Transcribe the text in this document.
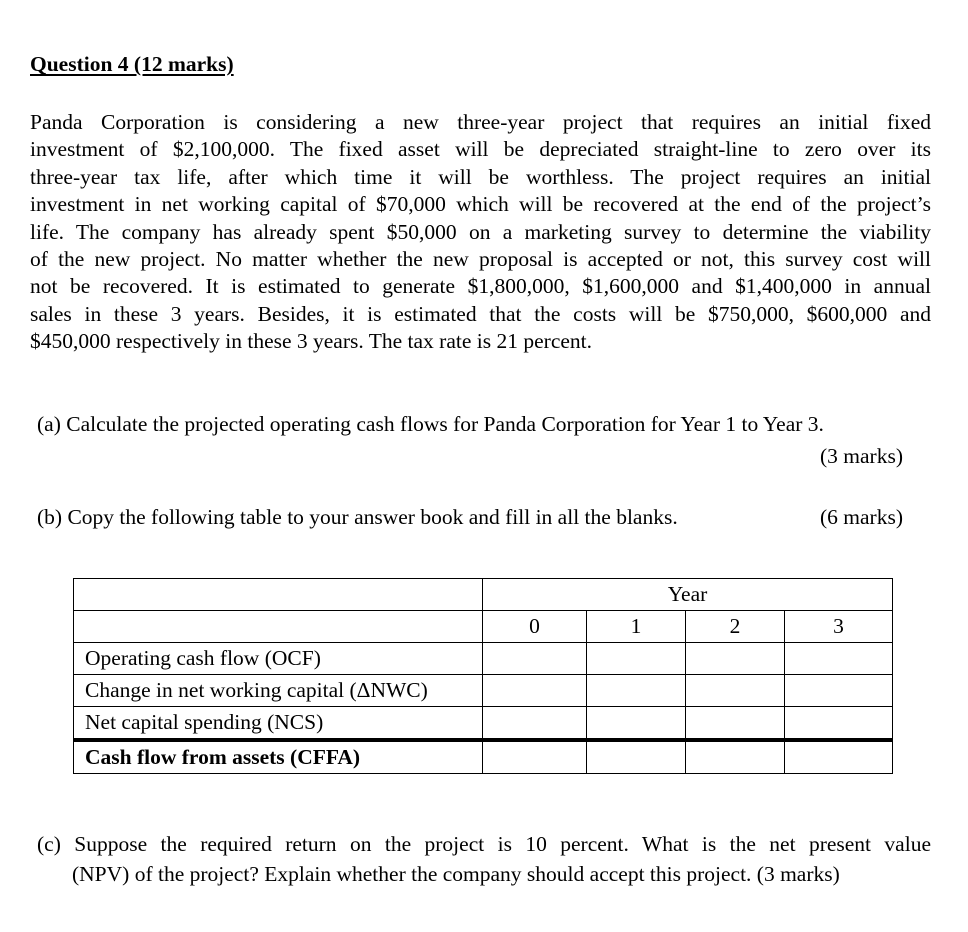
Question 4 (12 marks)
Panda Corporation is considering a new three-year project that requires an initial fixed
investment of $2,100,000. The fixed asset will be depreciated straight-line to zero over its
three-year tax life, after which time it will be worthless. The project requires an initial
investment in net working capital of $70,000 which will be recovered at the end of the project’s
life. The company has already spent $50,000 on a marketing survey to determine the viability
of the new project. No matter whether the new proposal is accepted or not, this survey cost will
not be recovered. It is estimated to generate $1,800,000, $1,600,000 and $1,400,000 in annual
sales in these 3 years. Besides, it is estimated that the costs will be $750,000, $600,000 and
$450,000 respectively in these 3 years. The tax rate is 21 percent.
(a) Calculate the projected operating cash flows for Panda Corporation for Year 1 to Year 3.
(3 marks)
(b) Copy the following table to your answer book and fill in all the blanks.	(6 marks)
	Year			
	0	1	2	3
Operating cash flow (OCF)				
Change in net working capital (ΔNWC)				
Net capital spending (NCS)				
Cash flow from assets (CFFA)				
(c) Suppose the required return on the project is 10 percent. What is the net present value
(NPV) of the project? Explain whether the company should accept this project. (3 marks)
